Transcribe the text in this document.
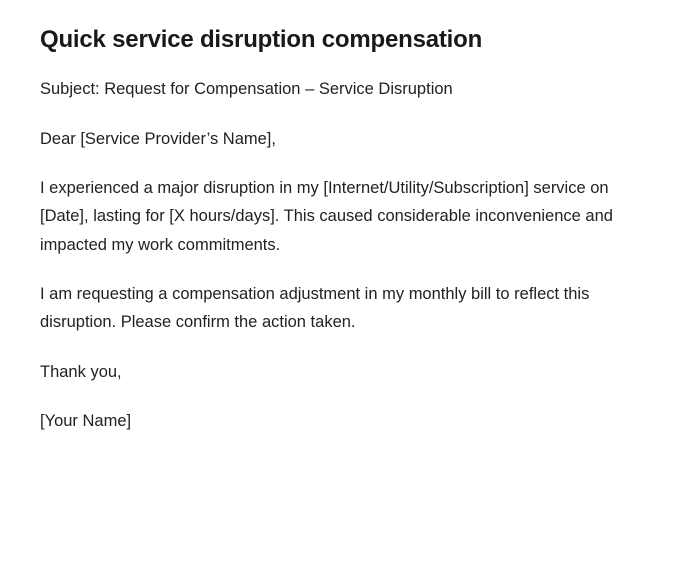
Quick service disruption compensation

Subject: Request for Compensation – Service Disruption

Dear [Service Provider’s Name],

I experienced a major disruption in my [Internet/Utility/Subscription] service on [Date], lasting for [X hours/days]. This caused considerable inconvenience and impacted my work commitments.

I am requesting a compensation adjustment in my monthly bill to reflect this disruption. Please confirm the action taken.

Thank you,

[Your Name]
